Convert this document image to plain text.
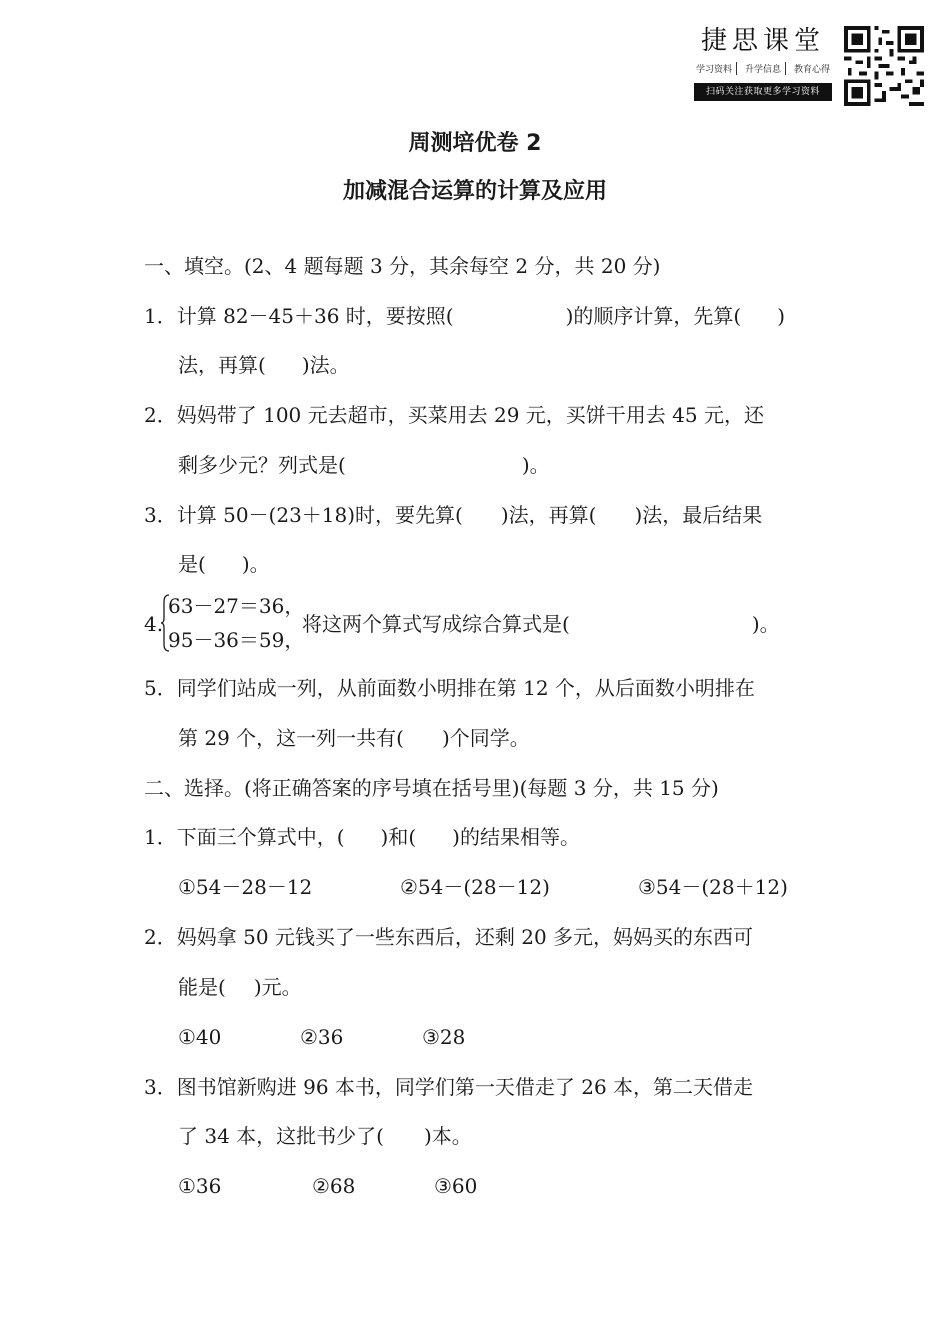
捷思课堂
学习资料	升学信息	教育心得
扫码关注获取更多学习资料
周测培优卷 2
加减混合运算的计算及应用
一、填空。(2、4 题每题 3 分，其余每空 2 分，共 20 分)
1．计算 82－45＋36 时，要按照(	)的顺序计算，先算( )
法，再算( )法。
2．妈妈带了 100 元去超市，买菜用去 29 元，买饼干用去 45 元，还
剩多少元？列式是(	)。
3．计算 50－(23＋18)时，要先算( )法，再算( )法，最后结果
是( )。
4.
63－27＝36，
95－36＝59，
将这两个算式写成综合算式是(	)。
5．同学们站成一列，从前面数小明排在第 12 个，从后面数小明排在
第 29 个，这一列一共有( )个同学。
二、选择。(将正确答案的序号填在括号里)(每题 3 分，共 15 分)
1．下面三个算式中，( )和( )的结果相等。
①54－28－12	②54－(28－12)	③54－(28＋12)
2．妈妈拿 50 元钱买了一些东西后，还剩 20 多元，妈妈买的东西可
能是( )元。
①40	②36	③28
3．图书馆新购进 96 本书，同学们第一天借走了 26 本，第二天借走
了 34 本，这批书少了( )本。
①36	②68	③60
